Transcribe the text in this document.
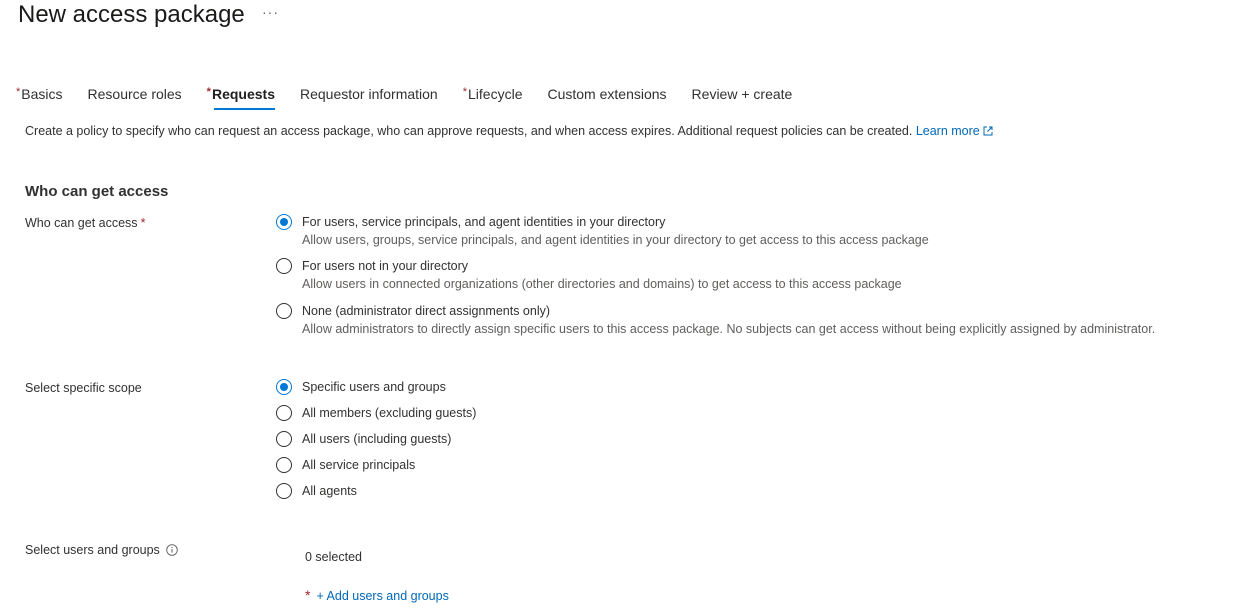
New access package ···
*Basics Resource roles *Requests Requestor information *Lifecycle Custom extensions Review + create
Create a policy to specify who can request an access package, who can approve requests, and when access expires. Additional request policies can be created. Learn more
Who can get access
Who can get access *	For users, service principals, and agent identities in your directory
Allow users, groups, service principals, and agent identities in your directory to get access to this access package
For users not in your directory
Allow users in connected organizations (other directories and domains) to get access to this access package
None (administrator direct assignments only)
Allow administrators to directly assign specific users to this access package. No subjects can get access without being explicitly assigned by administrator.
Select specific scope	Specific users and groups
All members (excluding guests)
All users (including guests)
All service principals
All agents
Select users and groups	0 selected
* + Add users and groups
